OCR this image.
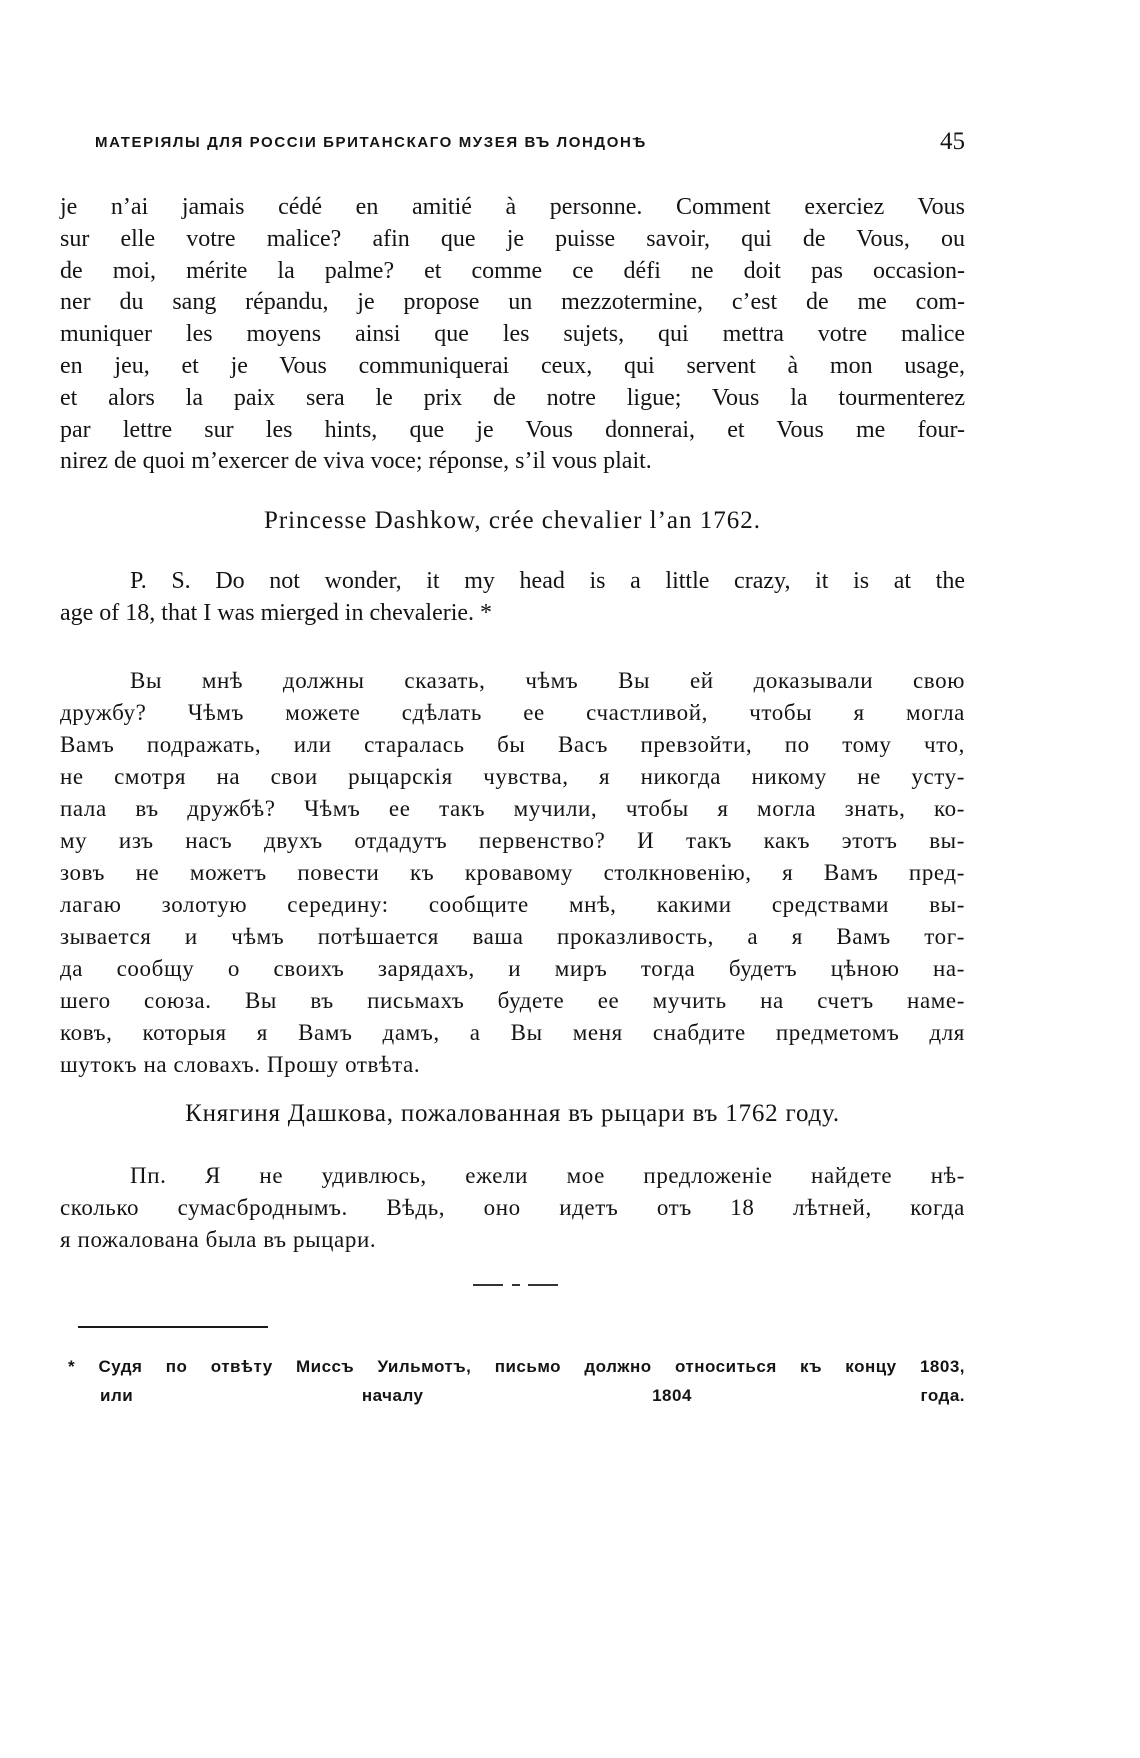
МАТЕРІЯЛЫ ДЛЯ РОССІИ БРИТАНСКАГО МУЗЕЯ ВЪ ЛОНДОНѢ	45
je n’ai jamais cédé en amitié à personne. Comment exerciez Vous
sur elle votre malice? afin que je puisse savoir, qui de Vous, ou
de moi, mérite la palme? et comme ce défi ne doit pas occasion-
ner du sang répandu, je propose un mezzotermine, c’est de me com-
muniquer les moyens ainsi que les sujets, qui mettra votre malice
en jeu, et je Vous communiquerai ceux, qui servent à mon usage,
et alors la paix sera le prix de notre ligue; Vous la tourmenterez
par lettre sur les hints, que je Vous donnerai, et Vous me four-
nirez de quoi m’exercer de viva voce; réponse, s’il vous plait.
Princesse Dashkow, crée chevalier l’an 1762.
P. S. Do not wonder, it my head is a little crazy, it is at the
age of 18, that I was mierged in chevalerie. *
Вы мнѣ должны сказать, чѣмъ Вы ей доказывали свою
дружбу? Чѣмъ можете сдѣлать ее счастливой, чтобы я могла
Вамъ подражать, или старалась бы Васъ превзойти, по тому что,
не смотря на свои рыцарскія чувства, я никогда никому не усту-
пала въ дружбѣ? Чѣмъ ее такъ мучили, чтобы я могла знать, ко-
му изъ насъ двухъ отдадутъ первенство? И такъ какъ этотъ вы-
зовъ не можетъ повести къ кровавому столкновенію, я Вамъ пред-
лагаю золотую середину: сообщите мнѣ, какими средствами вы-
зывается и чѣмъ потѣшается ваша проказливость, а я Вамъ тог-
да сообщу о своихъ зарядахъ, и миръ тогда будетъ цѣною на-
шего союза. Вы въ письмахъ будете ее мучить на счетъ наме-
ковъ, которыя я Вамъ дамъ, а Вы меня снабдите предметомъ для
шутокъ на словахъ. Прошу отвѣта.
Княгиня Дашкова, пожалованная въ рыцари въ 1762 году.
Пп. Я не удивлюсь, ежели мое предложеніе найдете нѣ-
сколько сумасброднымъ. Вѣдь, оно идетъ отъ 18 лѣтней, когда
я пожалована была въ рыцари.
* Судя по отвѣту Миссъ Уильмотъ, письмо должно относиться къ концу 1803,
или началу 1804 года.
